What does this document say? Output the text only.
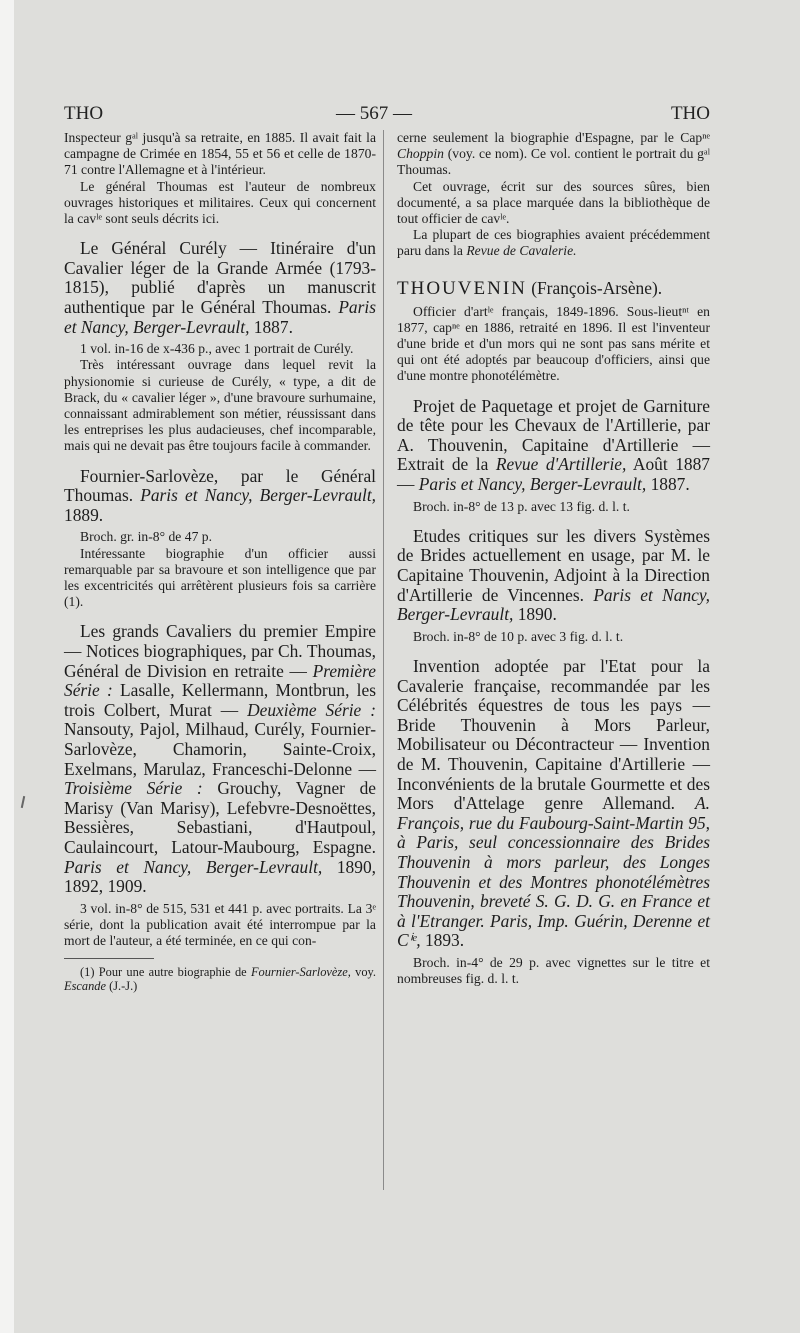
THO	— 567 —	THO

Inspecteur gᵃˡ jusqu'à sa retraite, en 1885. Il avait fait la campagne de Crimée en 1854, 55 et 56 et celle de 1870-71 contre l'Allemagne et à l'intérieur.

Le général Thoumas est l'auteur de nombreux ouvrages historiques et militaires. Ceux qui concernent la cavˡᵉ sont seuls décrits ici.

Le Général Curély — Itinéraire d'un Cavalier léger de la Grande Armée (1793-1815), publié d'après un manuscrit authentique par le Général Thoumas. Paris et Nancy, Berger-Levrault, 1887.

1 vol. in-16 de x-436 p., avec 1 portrait de Curély.

Très intéressant ouvrage dans lequel revit la physionomie si curieuse de Curély, « type, a dit de Brack, du « cavalier léger », d'une bravoure surhumaine, connaissant admirablement son métier, réussissant dans les entreprises les plus audacieuses, chef incomparable, mais qui ne devait pas être toujours facile à commander.

Fournier-Sarlovèze, par le Général Thoumas. Paris et Nancy, Berger-Levrault, 1889.

Broch. gr. in-8° de 47 p.

Intéressante biographie d'un officier aussi remarquable par sa bravoure et son intelligence que par les excentricités qui arrêtèrent plusieurs fois sa carrière (1).

Les grands Cavaliers du premier Empire — Notices biographiques, par Ch. Thoumas, Général de Division en retraite — Première Série : Lasalle, Kellermann, Montbrun, les trois Colbert, Murat — Deuxième Série : Nansouty, Pajol, Milhaud, Curély, Fournier-Sarlovèze, Chamorin, Sainte-Croix, Exelmans, Marulaz, Franceschi-Delonne — Troisième Série : Grouchy, Vagner de Marisy (Van Marisy), Lefebvre-Desnoëttes, Bessières, Sebastiani, d'Hautpoul, Caulaincourt, Latour-Maubourg, Espagne. Paris et Nancy, Berger-Levrault, 1890, 1892, 1909.

3 vol. in-8° de 515, 531 et 441 p. avec portraits. La 3ᵉ série, dont la publication avait été interrompue par la mort de l'auteur, a été terminée, en ce qui con-

(1) Pour une autre biographie de Fournier-Sarlovèze, voy. Escande (J.-J.)

cerne seulement la biographie d'Espagne, par le Capⁿᵉ Choppin (voy. ce nom). Ce vol. contient le portrait du gᵃˡ Thoumas.

Cet ouvrage, écrit sur des sources sûres, bien documenté, a sa place marquée dans la bibliothèque de tout officier de cavˡᵉ.

La plupart de ces biographies avaient précédemment paru dans la Revue de Cavalerie.

THOUVENIN (François-Arsène).

Officier d'artˡᵉ français, 1849-1896. Sous-lieutⁿᵗ en 1877, capⁿᵉ en 1886, retraité en 1896. Il est l'inventeur d'une bride et d'un mors qui ne sont pas sans mérite et qui ont été adoptés par beaucoup d'officiers, ainsi que d'une montre phonotélémètre.

Projet de Paquetage et projet de Garniture de tête pour les Chevaux de l'Artillerie, par A. Thouvenin, Capitaine d'Artillerie — Extrait de la Revue d'Artillerie, Août 1887 — Paris et Nancy, Berger-Levrault, 1887.

Broch. in-8° de 13 p. avec 13 fig. d. l. t.

Etudes critiques sur les divers Systèmes de Brides actuellement en usage, par M. le Capitaine Thouvenin, Adjoint à la Direction d'Artillerie de Vincennes. Paris et Nancy, Berger-Levrault, 1890.

Broch. in-8° de 10 p. avec 3 fig. d. l. t.

Invention adoptée par l'Etat pour la Cavalerie française, recommandée par les Célébrités équestres de tous les pays — Bride Thouvenin à Mors Parleur, Mobilisateur ou Décontracteur — Invention de M. Thouvenin, Capitaine d'Artillerie — Inconvénients de la brutale Gourmette et des Mors d'Attelage genre Allemand. A. François, rue du Faubourg-Saint-Martin 95, à Paris, seul concessionnaire des Brides Thouvenin à mors parleur, des Longes Thouvenin et des Montres phonotélémètres Thouvenin, breveté S. G. D. G. en France et à l'Etranger. Paris, Imp. Guérin, Derenne et Cⁱᵉ, 1893.

Broch. in-4° de 29 p. avec vignettes sur le titre et nombreuses fig. d. l. t.
